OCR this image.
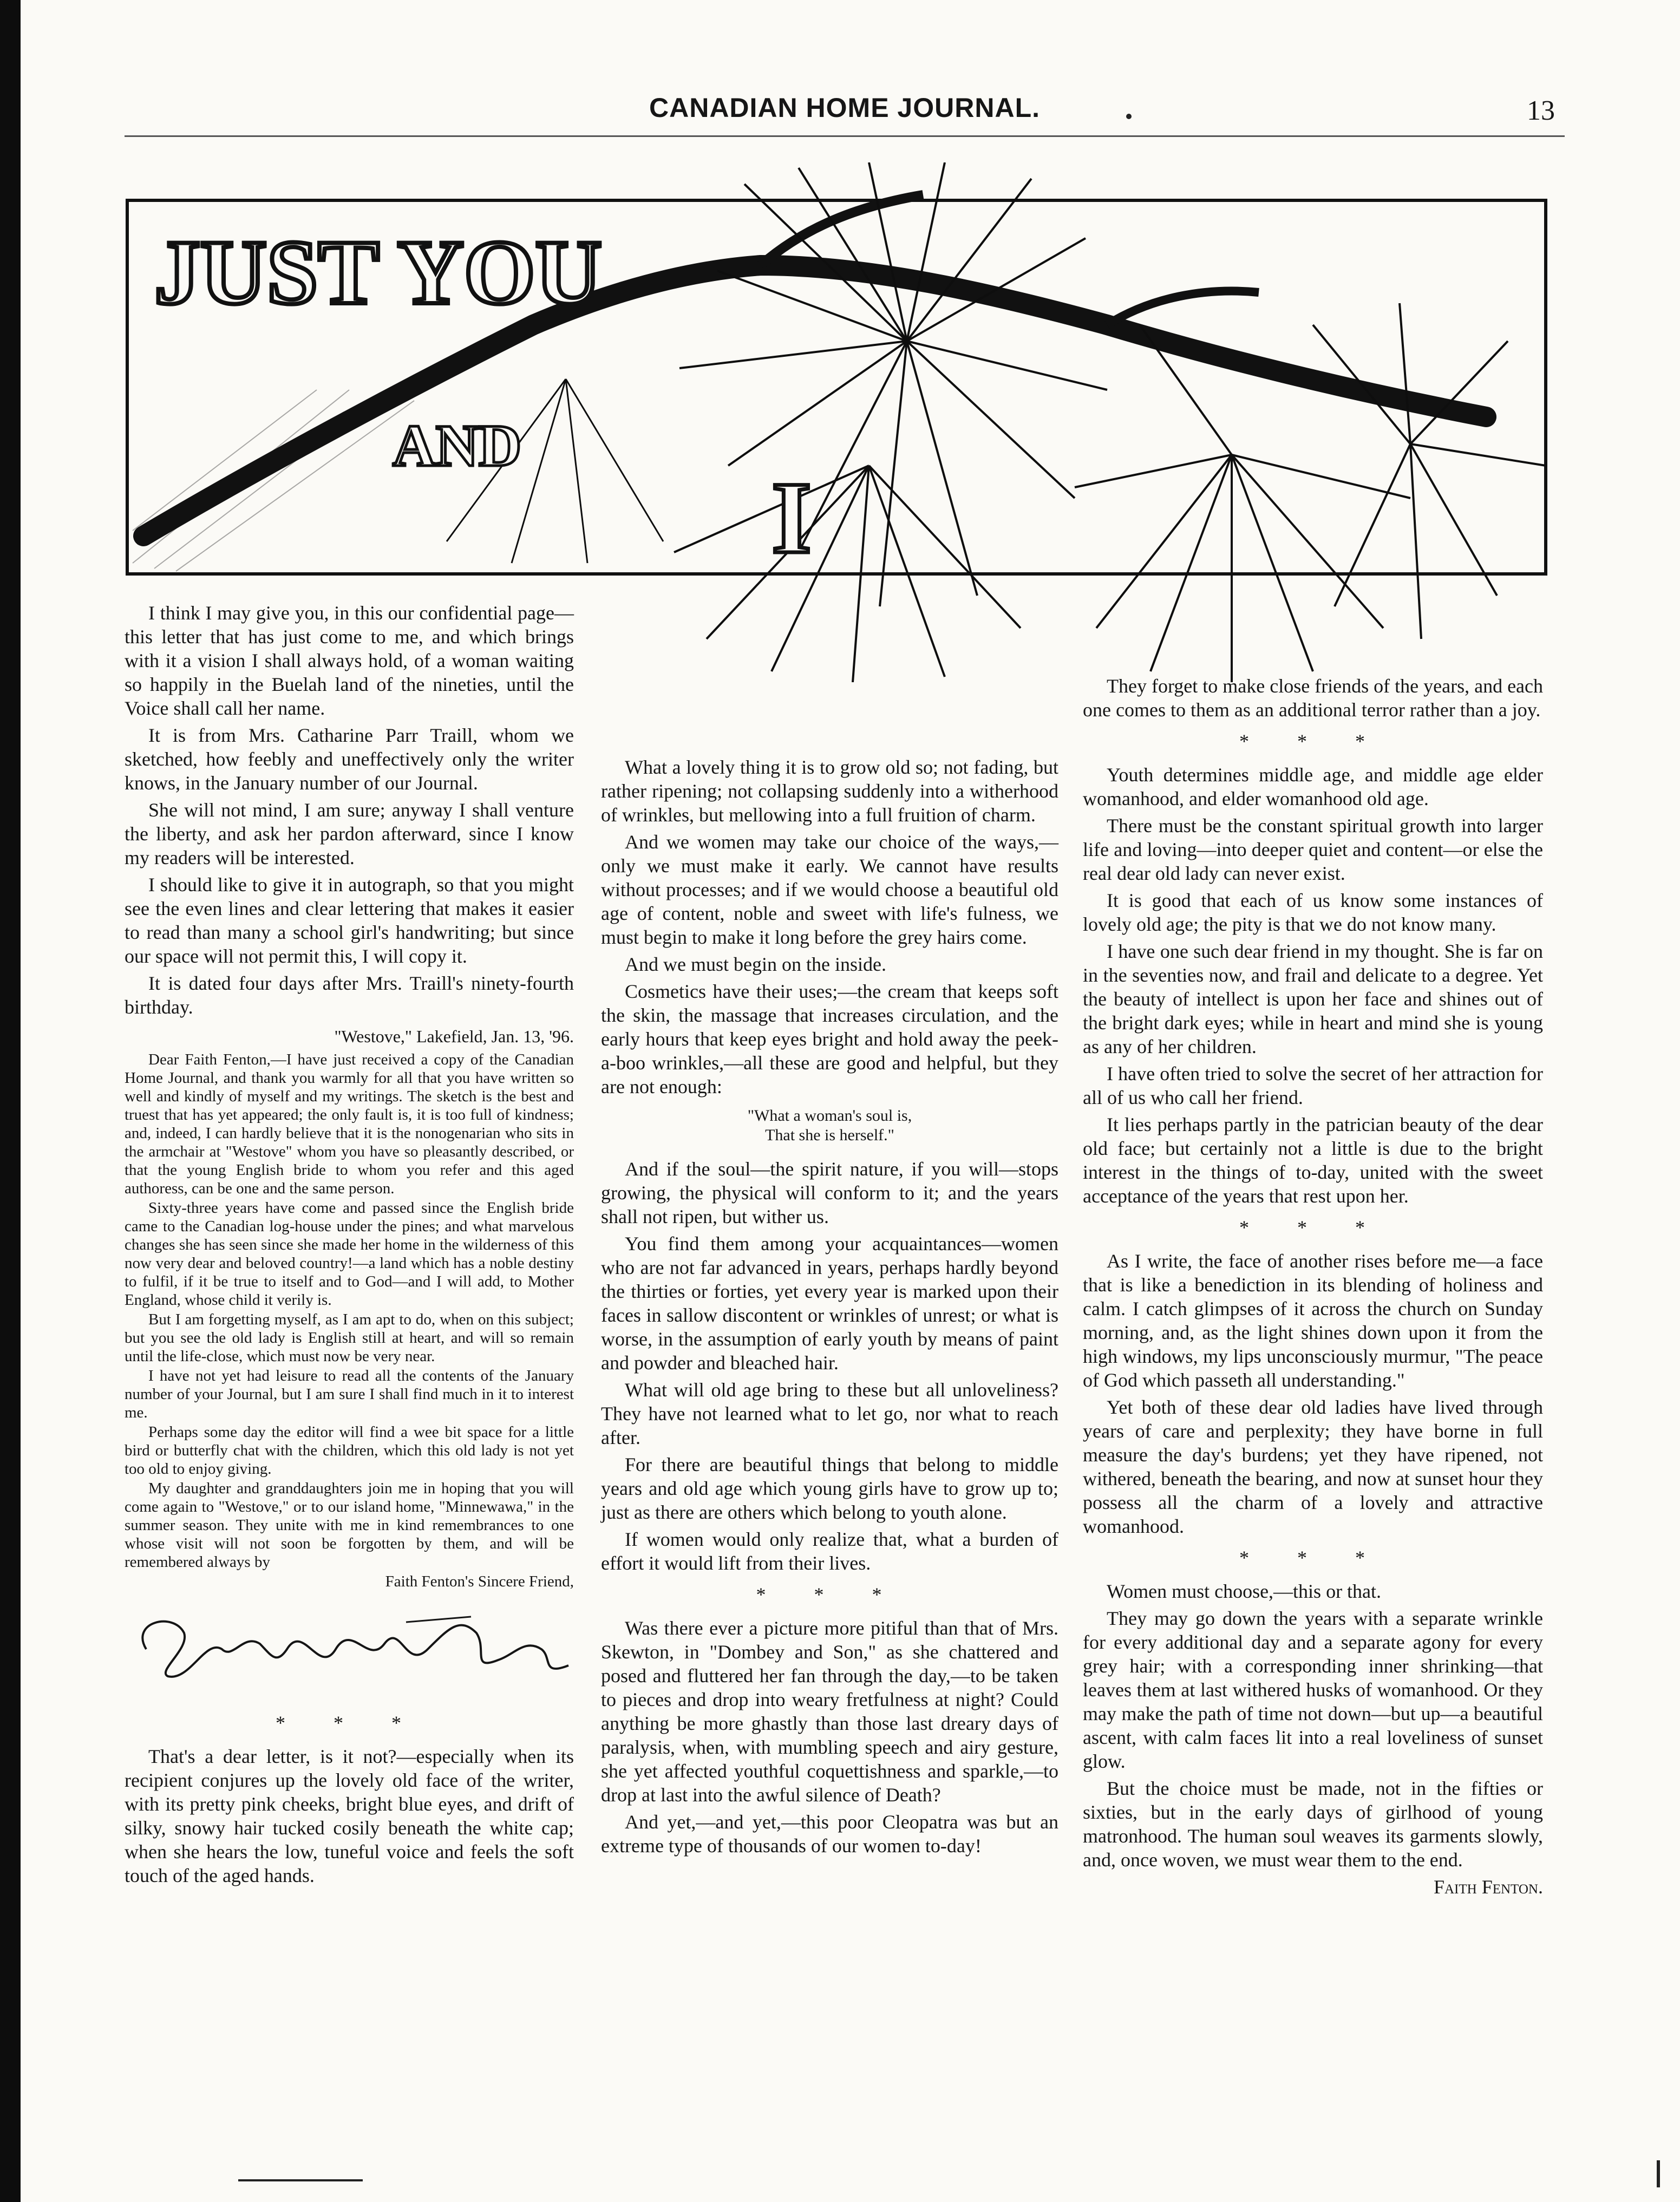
CANADIAN HOME JOURNAL.	13
JUST YOU
AND
I

I think I may give you, in this our confidential page—this letter that has just come to me, and which brings with it a vision I shall always hold, of a woman waiting so happily in the Buelah land of the nineties, until the Voice shall call her name.

It is from Mrs. Catharine Parr Traill, whom we sketched, how feebly and uneffectively only the writer knows, in the January number of our Journal.

She will not mind, I am sure; anyway I shall venture the liberty, and ask her pardon afterward, since I know my readers will be interested.

I should like to give it in autograph, so that you might see the even lines and clear lettering that makes it easier to read than many a school girl's handwriting; but since our space will not permit this, I will copy it.

It is dated four days after Mrs. Traill's ninety-fourth birthday.

"Westove," Lakefield, Jan. 13, '96.

Dear Faith Fenton,—I have just received a copy of the Canadian Home Journal, and thank you warmly for all that you have written so well and kindly of myself and my writings. The sketch is the best and truest that has yet appeared; the only fault is, it is too full of kindness; and, indeed, I can hardly believe that it is the nonogenarian who sits in the armchair at "Westove" whom you have so pleasantly described, or that the young English bride to whom you refer and this aged authoress, can be one and the same person.

Sixty-three years have come and passed since the English bride came to the Canadian log-house under the pines; and what marvelous changes she has seen since she made her home in the wilderness of this now very dear and beloved country!—a land which has a noble destiny to fulfil, if it be true to itself and to God—and I will add, to Mother England, whose child it verily is.

But I am forgetting myself, as I am apt to do, when on this subject; but you see the old lady is English still at heart, and will so remain until the life-close, which must now be very near.

I have not yet had leisure to read all the contents of the January number of your Journal, but I am sure I shall find much in it to interest me.

Perhaps some day the editor will find a wee bit space for a little bird or butterfly chat with the children, which this old lady is not yet too old to enjoy giving.

My daughter and granddaughters join me in hoping that you will come again to "Westove," or to our island home, "Minnewawa," in the summer season. They unite with me in kind remembrances to one whose visit will not soon be forgotten by them, and will be remembered always by

Faith Fenton's Sincere Friend,

* * *

That's a dear letter, is it not?—especially when its recipient conjures up the lovely old face of the writer, with its pretty pink cheeks, bright blue eyes, and drift of silky, snowy hair tucked cosily beneath the white cap; when she hears the low, tuneful voice and feels the soft touch of the aged hands.

What a lovely thing it is to grow old so; not fading, but rather ripening; not collapsing suddenly into a witherhood of wrinkles, but mellowing into a full fruition of charm.

And we women may take our choice of the ways,—only we must make it early. We cannot have results without processes; and if we would choose a beautiful old age of content, noble and sweet with life's fulness, we must begin to make it long before the grey hairs come.

And we must begin on the inside.

Cosmetics have their uses;—the cream that keeps soft the skin, the massage that increases circulation, and the early hours that keep eyes bright and hold away the peek-a-boo wrinkles,—all these are good and helpful, but they are not enough:

"What a woman's soul is,
That she is herself."

And if the soul—the spirit nature, if you will—stops growing, the physical will conform to it; and the years shall not ripen, but wither us.

You find them among your acquaintances—women who are not far advanced in years, perhaps hardly beyond the thirties or forties, yet every year is marked upon their faces in sallow discontent or wrinkles of unrest; or what is worse, in the assumption of early youth by means of paint and powder and bleached hair.

What will old age bring to these but all unloveliness? They have not learned what to let go, nor what to reach after.

For there are beautiful things that belong to middle years and old age which young girls have to grow up to; just as there are others which belong to youth alone.

If women would only realize that, what a burden of effort it would lift from their lives.

* * *

Was there ever a picture more pitiful than that of Mrs. Skewton, in "Dombey and Son," as she chattered and posed and fluttered her fan through the day,—to be taken to pieces and drop into weary fretfulness at night? Could anything be more ghastly than those last dreary days of paralysis, when, with mumbling speech and airy gesture, she yet affected youthful coquettishness and sparkle,—to drop at last into the awful silence of Death?

And yet,—and yet,—this poor Cleopatra was but an extreme type of thousands of our women to-day!

They forget to make close friends of the years, and each one comes to them as an additional terror rather than a joy.

* * *

Youth determines middle age, and middle age elder womanhood, and elder womanhood old age.

There must be the constant spiritual growth into larger life and loving—into deeper quiet and content—or else the real dear old lady can never exist.

It is good that each of us know some instances of lovely old age; the pity is that we do not know many.

I have one such dear friend in my thought. She is far on in the seventies now, and frail and delicate to a degree. Yet the beauty of intellect is upon her face and shines out of the bright dark eyes; while in heart and mind she is young as any of her children.

I have often tried to solve the secret of her attraction for all of us who call her friend.

It lies perhaps partly in the patrician beauty of the dear old face; but certainly not a little is due to the bright interest in the things of to-day, united with the sweet acceptance of the years that rest upon her.

* * *

As I write, the face of another rises before me—a face that is like a benediction in its blending of holiness and calm. I catch glimpses of it across the church on Sunday morning, and, as the light shines down upon it from the high windows, my lips unconsciously murmur, "The peace of God which passeth all understanding."

Yet both of these dear old ladies have lived through years of care and perplexity; they have borne in full measure the day's burdens; yet they have ripened, not withered, beneath the bearing, and now at sunset hour they possess all the charm of a lovely and attractive womanhood.

* * *

Women must choose,—this or that.

They may go down the years with a separate wrinkle for every additional day and a separate agony for every grey hair; with a corresponding inner shrinking—that leaves them at last withered husks of womanhood. Or they may make the path of time not down—but up—a beautiful ascent, with calm faces lit into a real loveliness of sunset glow.

But the choice must be made, not in the fifties or sixties, but in the early days of girlhood of young matronhood. The human soul weaves its garments slowly, and, once woven, we must wear them to the end.

Faith Fenton.
